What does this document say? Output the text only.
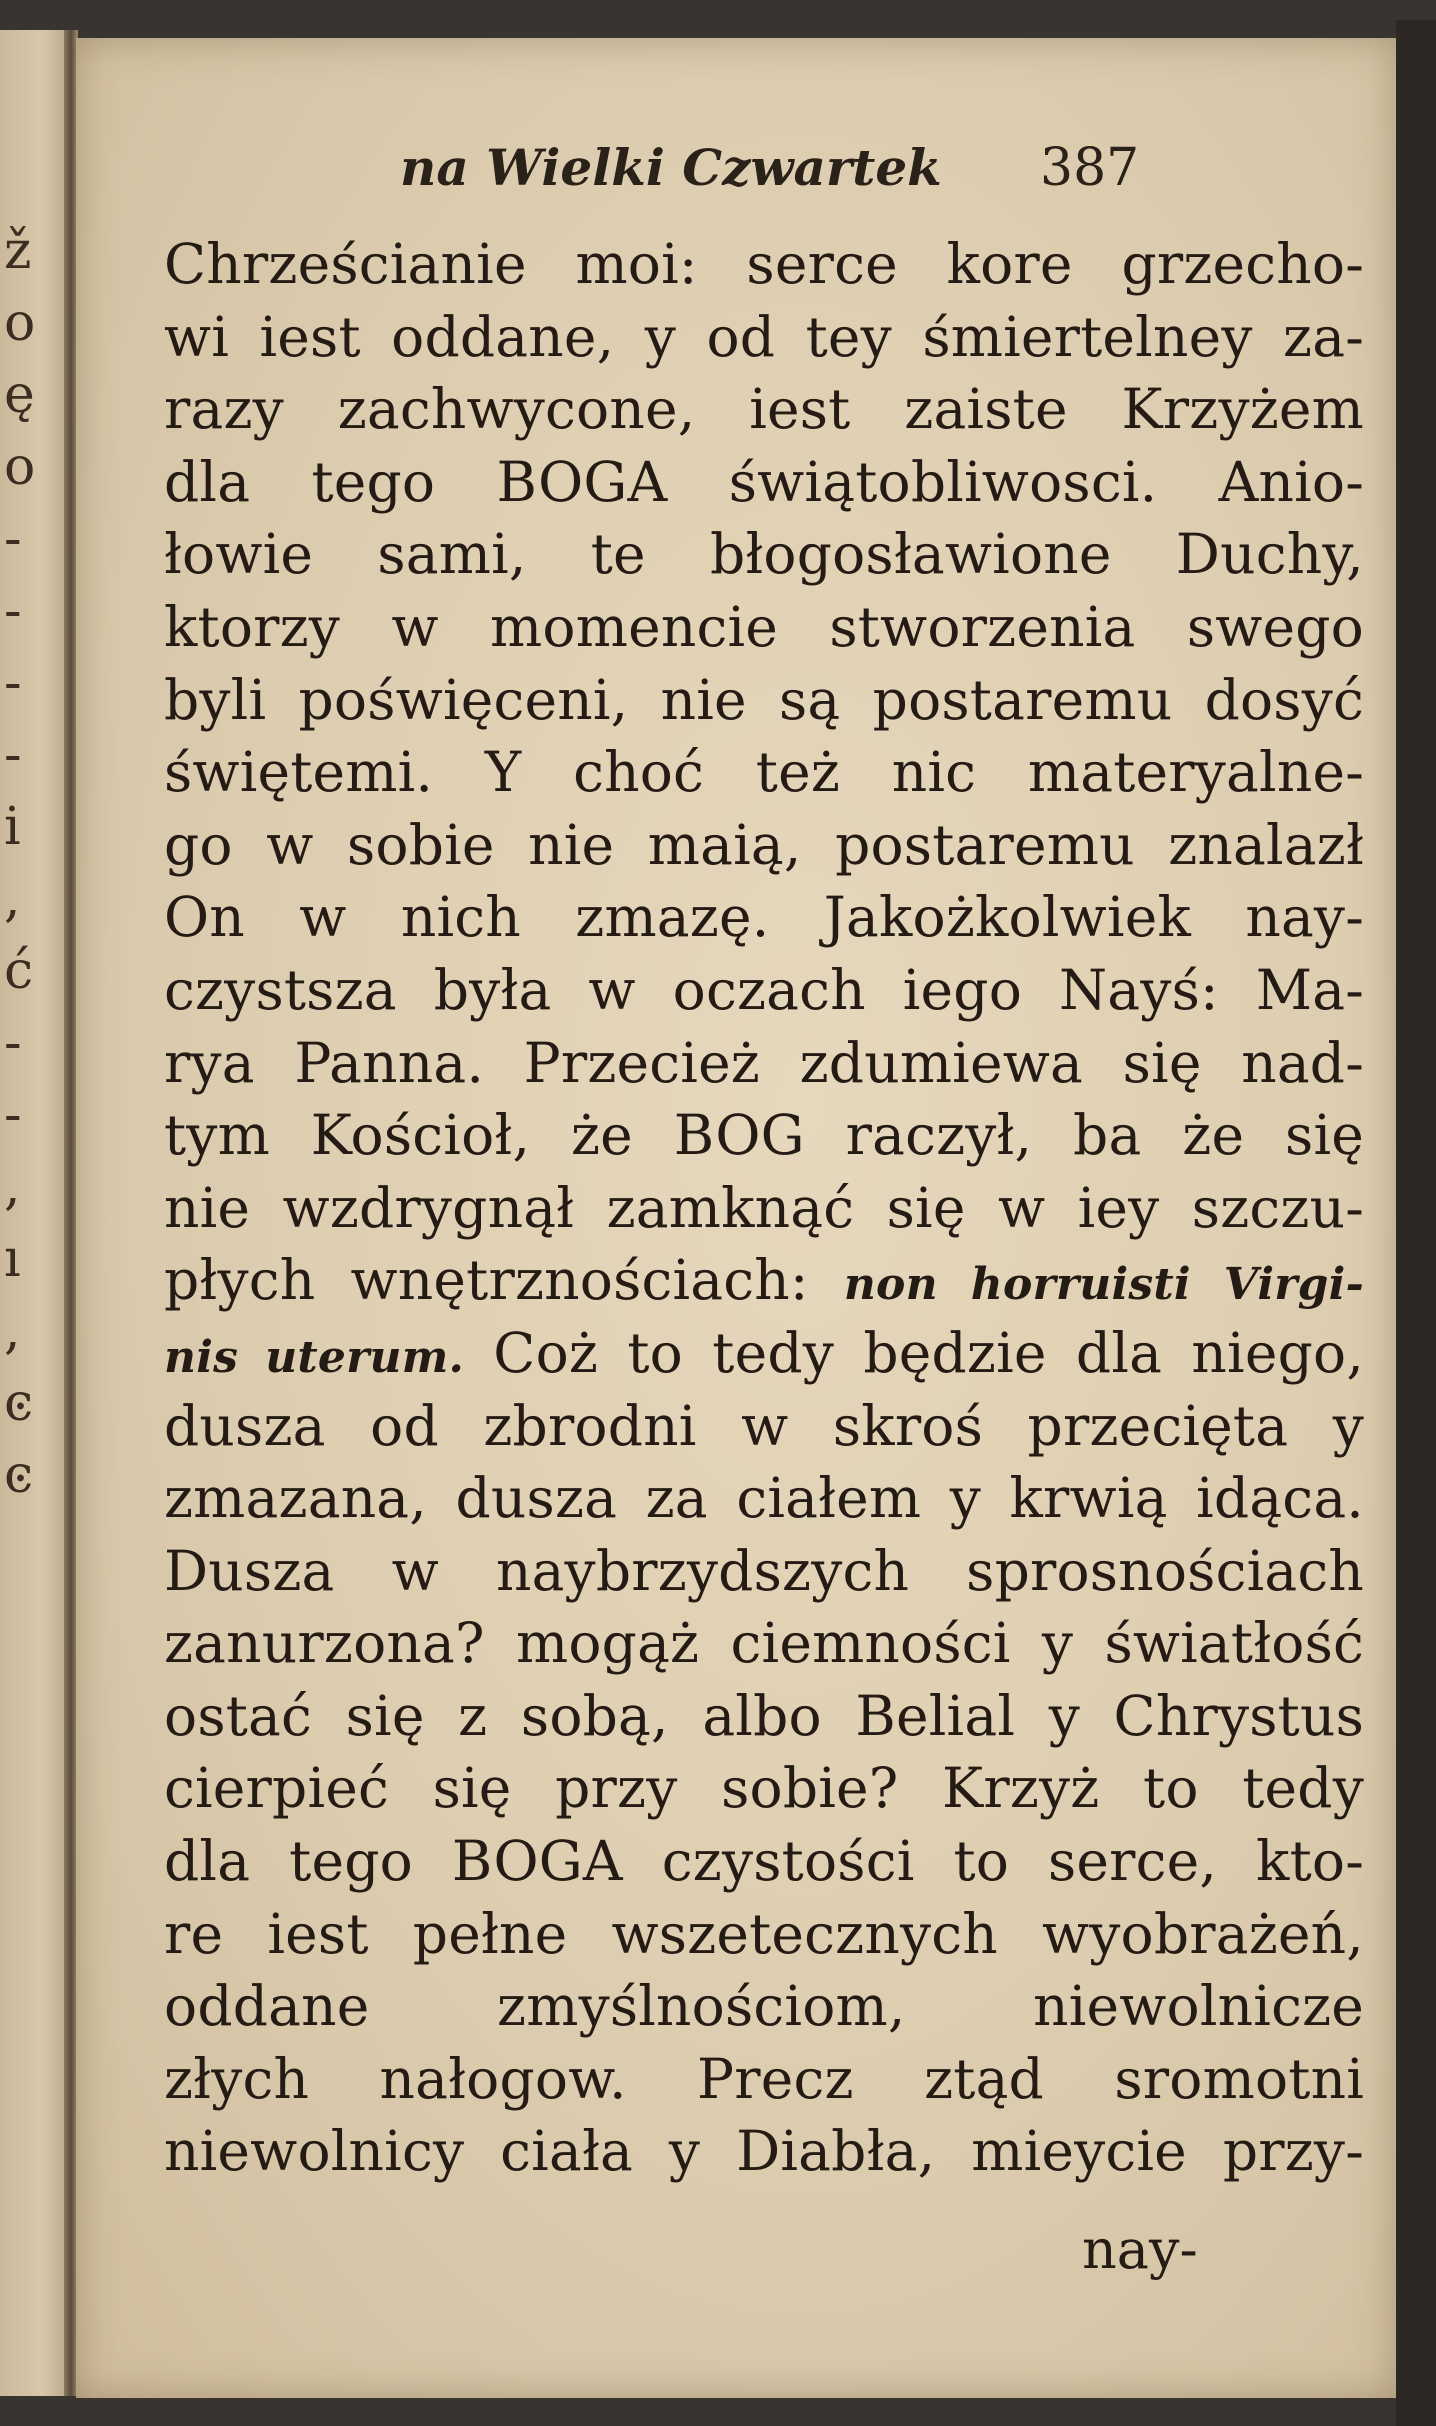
ž
o
ę
o
-
-
-
-
i
,
ć
-
-
,
ı
,
ͼ
ͼ
na Wielki Czwartek 387
Chrześcianie moi: serce kore grzecho-
wi iest oddane, y od tey śmiertelney za-
razy zachwycone, iest zaiste Krzyżem
dla tego BOGA świątobliwosci. Anio-
łowie sami, te błogosławione Duchy,
ktorzy w momencie stworzenia swego
byli poświęceni, nie są postaremu dosyć
świętemi. Y choć też nic materyalne-
go w sobie nie maią, postaremu znalazł
On w nich zmazę. Jakożkolwiek nay-
czystsza była w oczach iego Nayś: Ma-
rya Panna. Przecież zdumiewa się nad-
tym Kościoł, że BOG raczył, ba że się
nie wzdrygnął zamknąć się w iey szczu-
płych wnętrznościach: non horruisti Virgi-
nis uterum. Coż to tedy będzie dla niego,
dusza od zbrodni w skroś przecięta y
zmazana, dusza za ciałem y krwią idąca.
Dusza w naybrzydszych sprosnościach
zanurzona? mogąż ciemności y światłość
ostać się z sobą, albo Belial y Chrystus
cierpieć się przy sobie? Krzyż to tedy
dla tego BOGA czystości to serce, kto-
re iest pełne wszetecznych wyobrażeń,
oddane zmyślnościom, niewolnicze
złych nałogow. Precz ztąd sromotni
niewolnicy ciała y Diabła, mieycie przy-
nay-
